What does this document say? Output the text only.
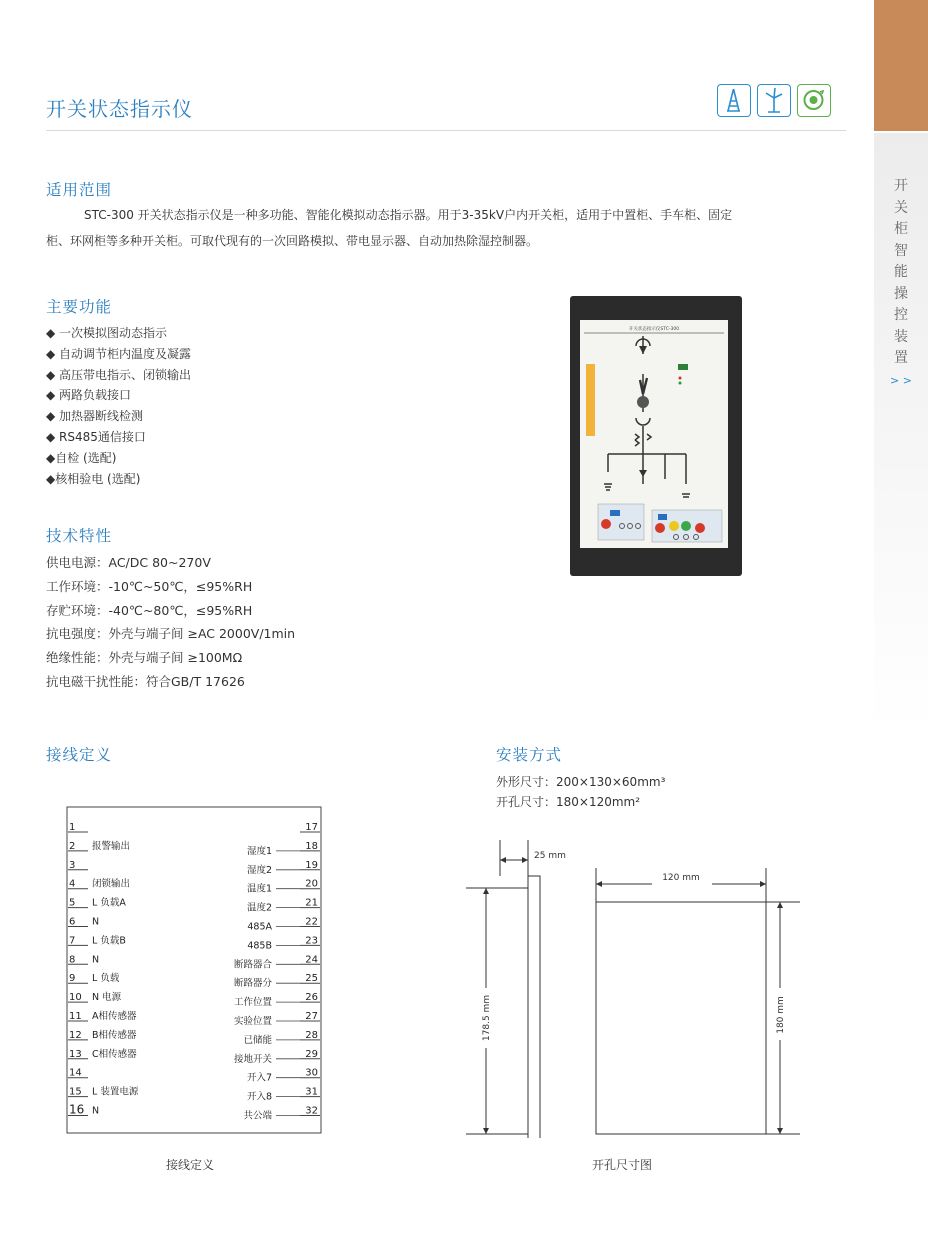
开
关
柜
智
能
操
控
装
置
> >
开关状态指示仪
适用范围
STC-300 开关状态指示仪是一种多功能、智能化模拟动态指示器。用于3-35kV户内开关柜，适用于中置柜、手车柜、固定
柜、环网柜等多种开关柜。可取代现有的一次回路模拟、带电显示器、自动加热除湿控制器。
主要功能
◆ 一次模拟图动态指示
◆ 自动调节柜内温度及凝露
◆ 高压带电指示、闭锁输出
◆ 两路负载接口
◆ 加热器断线检测
◆ RS485通信接口
◆自检 (选配)
◆核相验电 (选配)
技术特性
供电电源：AC/DC 80~270V
工作环境：-10℃~50℃，≤95%RH
存贮环境：-40℃~80℃，≤95%RH
抗电强度：外壳与端子间 ≥AC 2000V/1min
绝缘性能：外壳与端子间 ≥100MΩ
抗电磁干扰性能：符合GB/T 17626
开关状态指示仪STC-300
接线定义
1
2 报警输出
3
4 闭锁输出
5 L 负载A
6 N
7 L 负载B
8 N
9 L 负载
10 N 电源
11 A相传感器
12 B相传感器
13 C相传感器
14
15 L 装置电源
16 N
17
18
湿度1
19
湿度2
20
温度1
21
温度2
22
485A
23
485B
24
断路器合
25
断路器分
26
工作位置
27
实验位置
28
已储能
29
接地开关
30
开入7
31
开入8
32
共公端
接线定义
安装方式
外形尺寸：200×130×60mm³
开孔尺寸：180×120mm²
25 mm
120 mm
178.5 mm	180 mm
开孔尺寸图
